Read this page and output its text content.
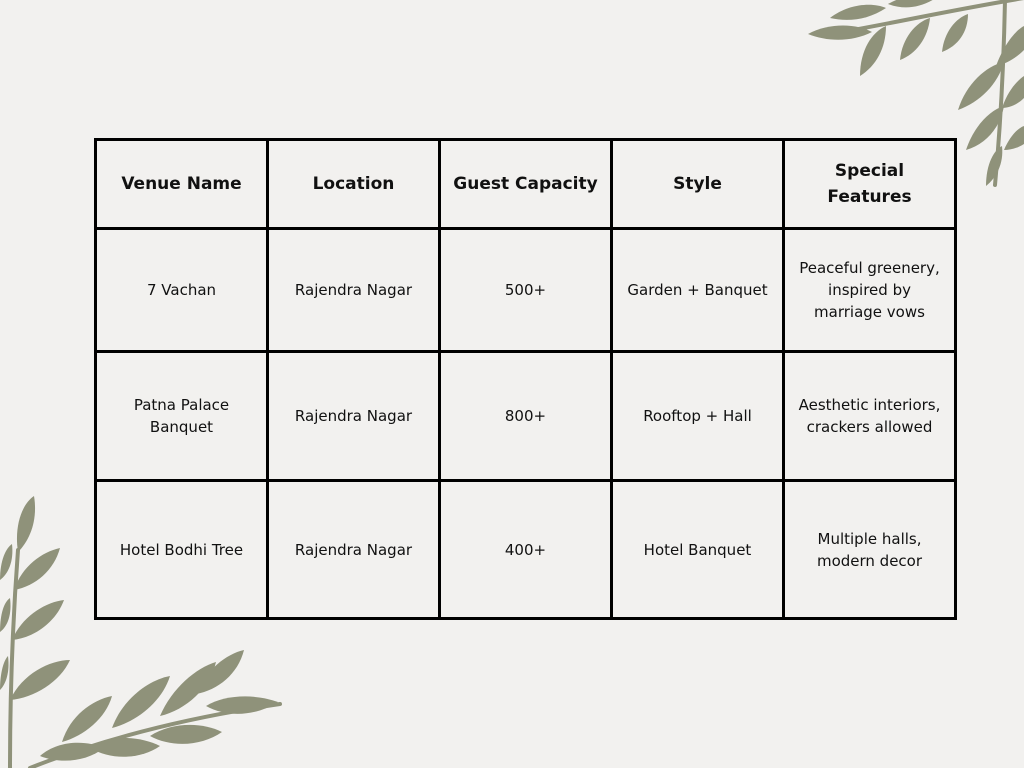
Venue Name	Location	Guest Capacity	Style	Special Features
7 Vachan	Rajendra Nagar	500+	Garden + Banquet	Peaceful greenery, inspired by marriage vows
Patna Palace Banquet	Rajendra Nagar	800+	Rooftop + Hall	Aesthetic interiors, crackers allowed
Hotel Bodhi Tree	Rajendra Nagar	400+	Hotel Banquet	Multiple halls, modern decor
